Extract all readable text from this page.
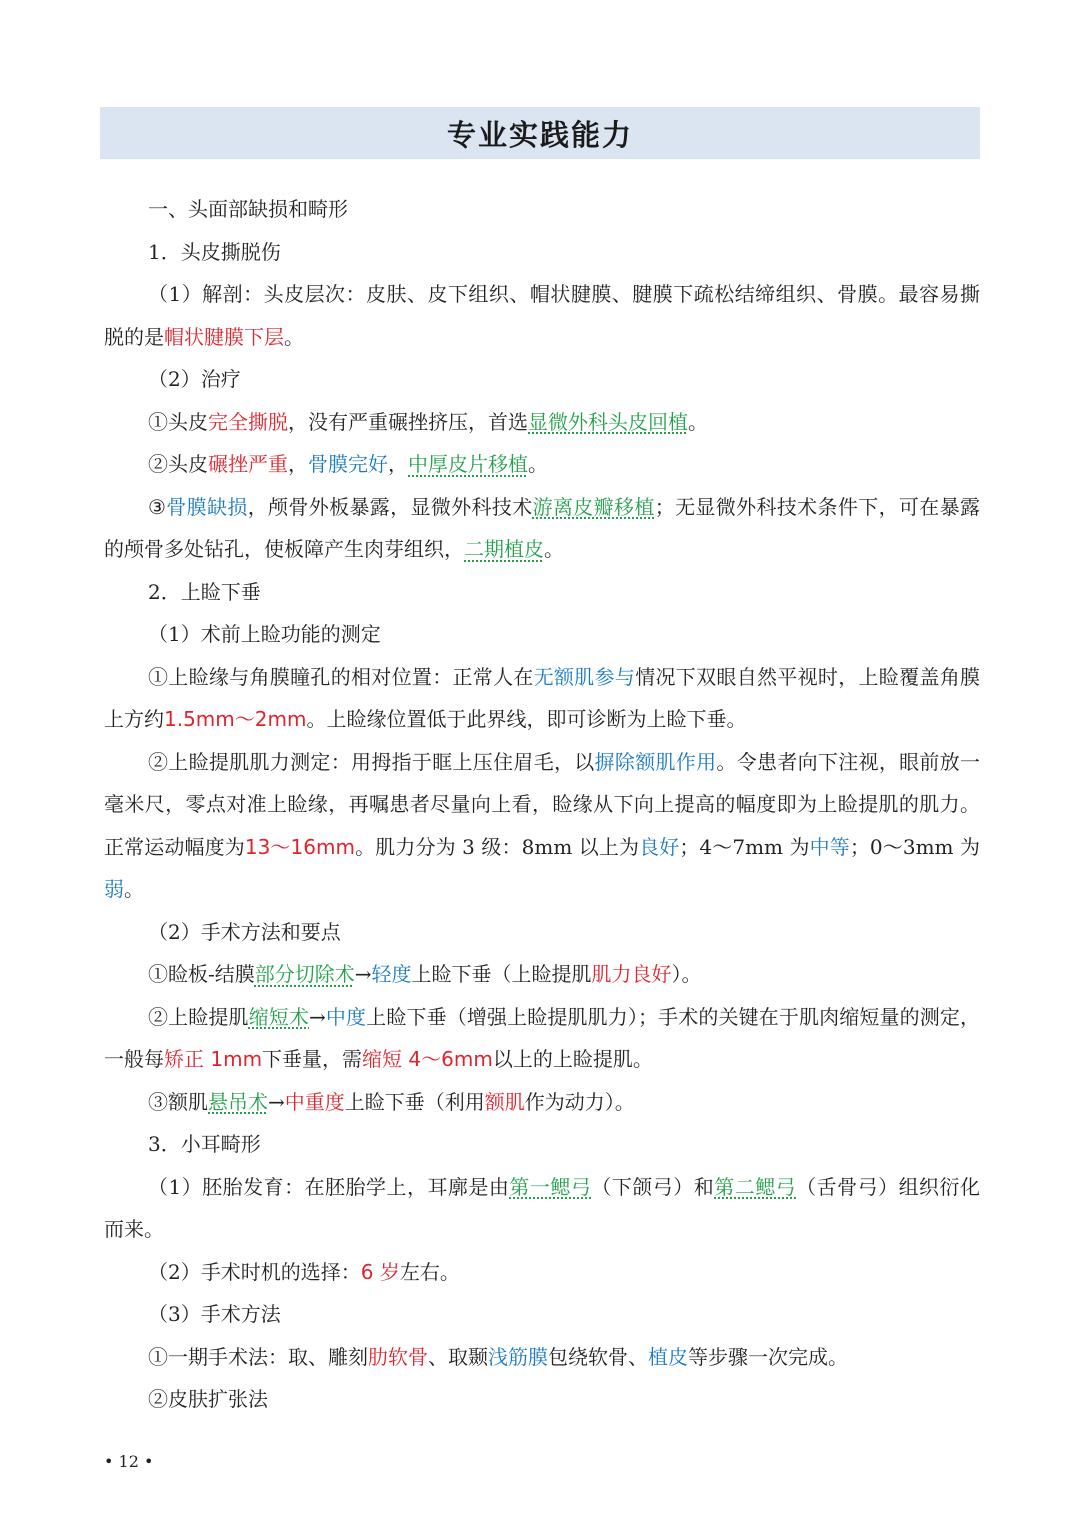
专业实践能力

一、头面部缺损和畸形

1．头皮撕脱伤

（1）解剖：头皮层次：皮肤、皮下组织、帽状腱膜、腱膜下疏松结缔组织、骨膜。最容易撕脱的是帽状腱膜下层。

（2）治疗

①头皮完全撕脱，没有严重碾挫挤压，首选显微外科头皮回植。

②头皮碾挫严重，骨膜完好，中厚皮片移植。

③骨膜缺损，颅骨外板暴露，显微外科技术游离皮瓣移植；无显微外科技术条件下，可在暴露的颅骨多处钻孔，使板障产生肉芽组织，二期植皮。

2．上睑下垂

（1）术前上睑功能的测定

①上睑缘与角膜瞳孔的相对位置：正常人在无额肌参与情况下双眼自然平视时，上睑覆盖角膜上方约1.5mm～2mm。上睑缘位置低于此界线，即可诊断为上睑下垂。

②上睑提肌肌力测定：用拇指于眶上压住眉毛，以摒除额肌作用。令患者向下注视，眼前放一毫米尺，零点对准上睑缘，再嘱患者尽量向上看，睑缘从下向上提高的幅度即为上睑提肌的肌力。正常运动幅度为13～16mm。肌力分为 3 级：8mm 以上为良好；4～7mm 为中等；0～3mm 为弱。

（2）手术方法和要点

①睑板-结膜部分切除术→轻度上睑下垂（上睑提肌肌力良好）。

②上睑提肌缩短术→中度上睑下垂（增强上睑提肌肌力）；手术的关键在于肌肉缩短量的测定，一般每矫正 1mm下垂量，需缩短 4～6mm以上的上睑提肌。

③额肌悬吊术→中重度上睑下垂（利用额肌作为动力）。

3．小耳畸形

（1）胚胎发育：在胚胎学上，耳廓是由第一鳃弓（下颌弓）和第二鳃弓（舌骨弓）组织衍化而来。

（2）手术时机的选择：6 岁左右。

（3）手术方法

①一期手术法：取、雕刻肋软骨、取颞浅筋膜包绕软骨、植皮等步骤一次完成。

②皮肤扩张法

• 12 •
